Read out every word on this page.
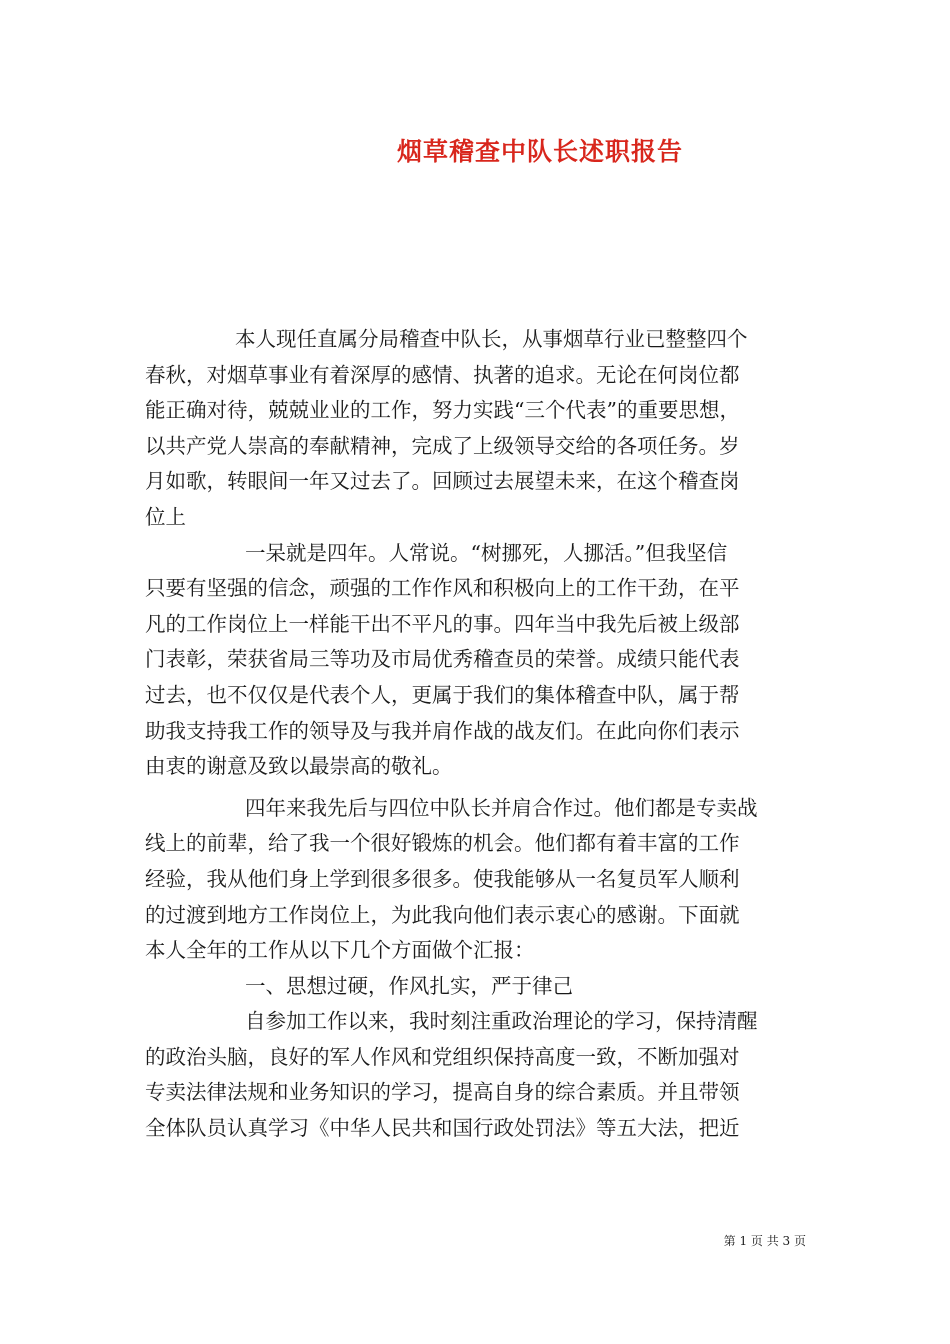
烟草稽查中队长述职报告
本人现任直属分局稽查中队长，从事烟草行业已整整四个
春秋，对烟草事业有着深厚的感情、执著的追求。无论在何岗位都
能正确对待，兢兢业业的工作，努力实践“三个代表”的重要思想，
以共产党人崇高的奉献精神，完成了上级领导交给的各项任务。岁
月如歌，转眼间一年又过去了。回顾过去展望未来，在这个稽查岗
位上
一呆就是四年。人常说。“树挪死，人挪活。”但我坚信
只要有坚强的信念，顽强的工作作风和积极向上的工作干劲，在平
凡的工作岗位上一样能干出不平凡的事。四年当中我先后被上级部
门表彰，荣获省局三等功及市局优秀稽查员的荣誉。成绩只能代表
过去，也不仅仅是代表个人，更属于我们的集体稽查中队，属于帮
助我支持我工作的领导及与我并肩作战的战友们。在此向你们表示
由衷的谢意及致以最崇高的敬礼。
四年来我先后与四位中队长并肩合作过。他们都是专卖战
线上的前辈，给了我一个很好锻炼的机会。他们都有着丰富的工作
经验，我从他们身上学到很多很多。使我能够从一名复员军人顺利
的过渡到地方工作岗位上，为此我向他们表示衷心的感谢。下面就
本人全年的工作从以下几个方面做个汇报：
一、思想过硬，作风扎实，严于律己
自参加工作以来，我时刻注重政治理论的学习，保持清醒
的政治头脑，良好的军人作风和党组织保持高度一致，不断加强对
专卖法律法规和业务知识的学习，提高自身的综合素质。并且带领
全体队员认真学习《中华人民共和国行政处罚法》等五大法，把近
第 1 页 共 3 页
